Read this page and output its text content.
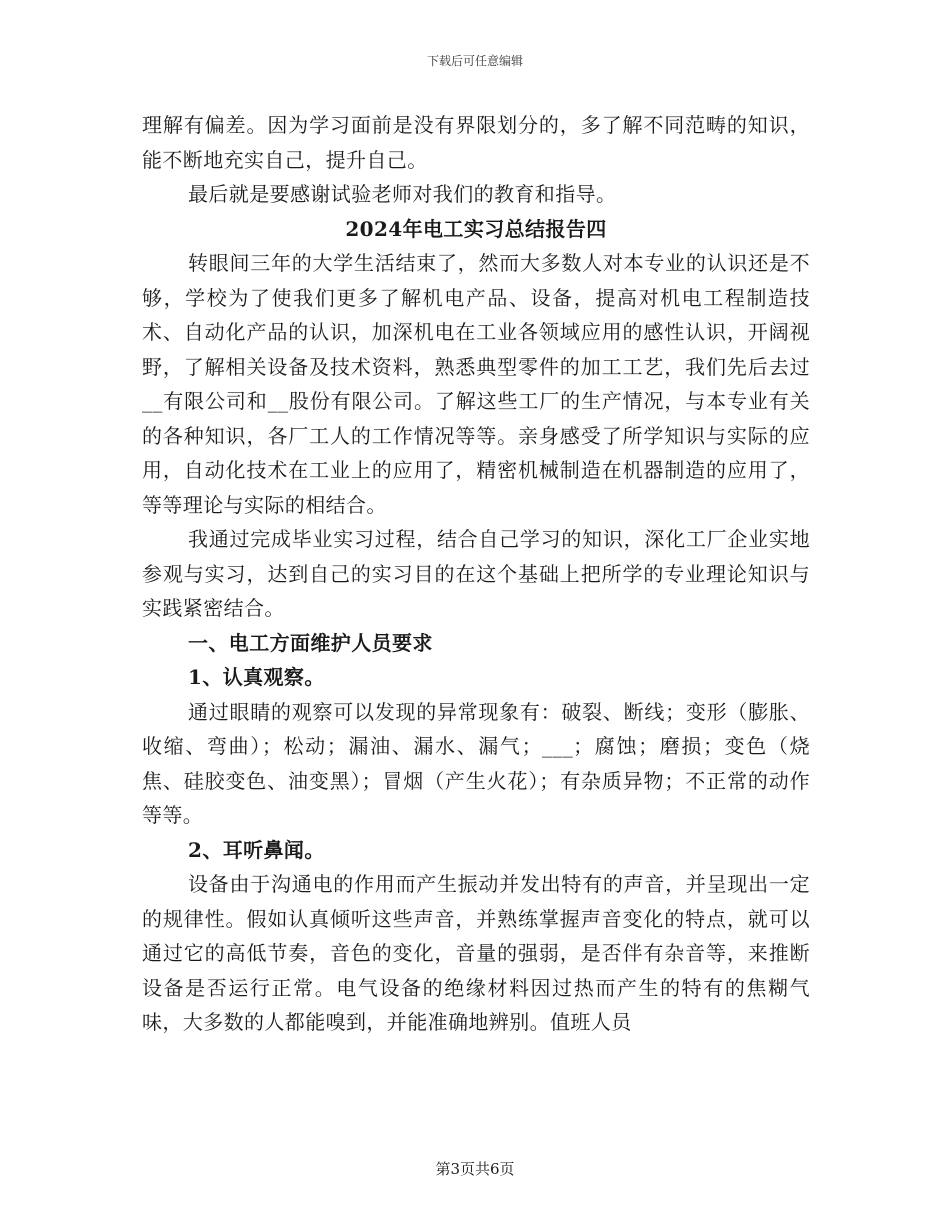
下载后可任意编辑

理解有偏差。因为学习面前是没有界限划分的，多了解不同范畴的知识，能不断地充实自己，提升自己。

最后就是要感谢试验老师对我们的教育和指导。

2024年电工实习总结报告四

转眼间三年的大学生活结束了，然而大多数人对本专业的认识还是不够，学校为了使我们更多了解机电产品、设备，提高对机电工程制造技术、自动化产品的认识，加深机电在工业各领域应用的感性认识，开阔视野，了解相关设备及技术资料，熟悉典型零件的加工工艺，我们先后去过__有限公司和__股份有限公司。了解这些工厂的生产情况，与本专业有关的各种知识，各厂工人的工作情况等等。亲身感受了所学知识与实际的应用，自动化技术在工业上的应用了，精密机械制造在机器制造的应用了，等等理论与实际的相结合。

我通过完成毕业实习过程，结合自己学习的知识，深化工厂企业实地参观与实习，达到自己的实习目的在这个基础上把所学的专业理论知识与实践紧密结合。

一、电工方面维护人员要求

1、认真观察。

通过眼睛的观察可以发现的异常现象有：破裂、断线；变形（膨胀、收缩、弯曲）；松动；漏油、漏水、漏气；___；腐蚀；磨损；变色（烧焦、硅胶变色、油变黑）；冒烟（产生火花）；有杂质异物；不正常的动作等等。

2、耳听鼻闻。

设备由于沟通电的作用而产生振动并发出特有的声音，并呈现出一定的规律性。假如认真倾听这些声音，并熟练掌握声音变化的特点，就可以通过它的高低节奏，音色的变化，音量的强弱，是否伴有杂音等，来推断设备是否运行正常。电气设备的绝缘材料因过热而产生的特有的焦糊气味，大多数的人都能嗅到，并能准确地辨别。值班人员

第3页共6页
